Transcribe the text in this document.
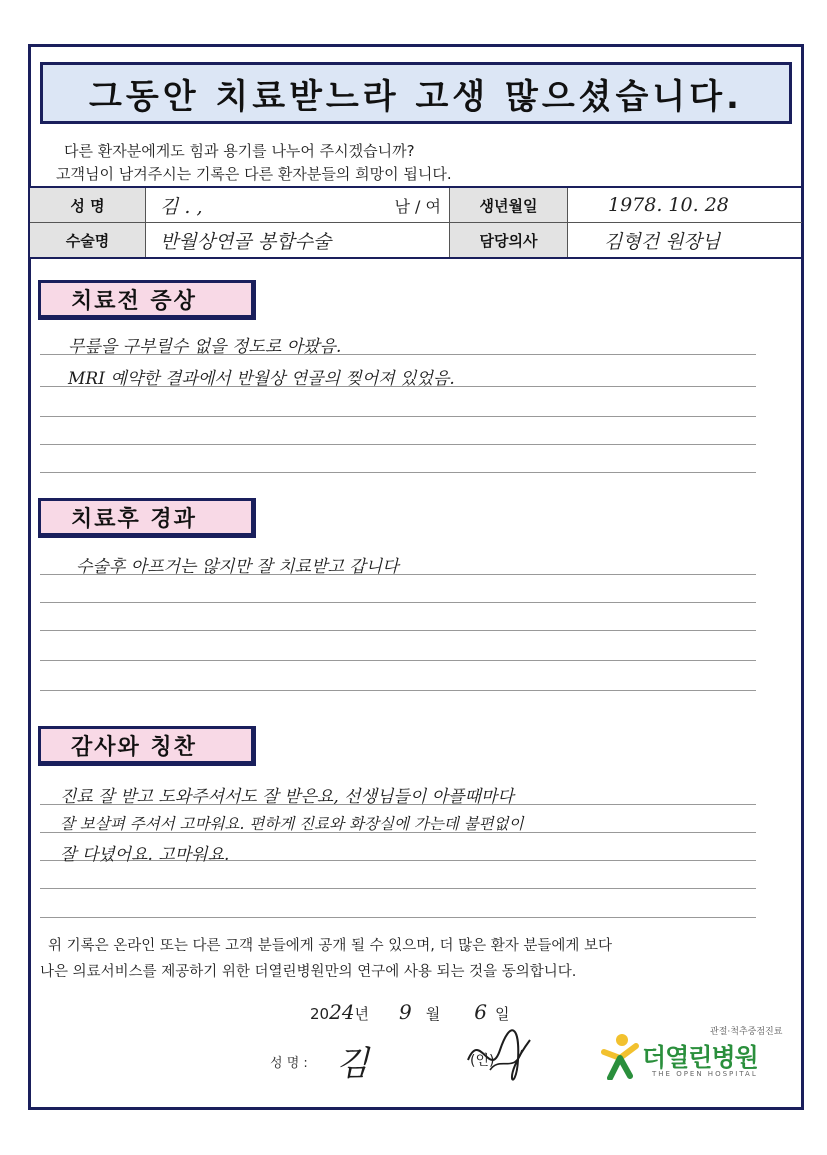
그동안 치료받느라 고생 많으셨습니다.
다른 환자분에게도 힘과 용기를 나누어 주시겠습니까?
고객님이 남겨주시는 기록은 다른 환자분들의 희망이 됩니다.
성 명	김 . ,	남 / 여	생년월일	1978. 10. 28
수술명	반월상연골 봉합수술	담당의사	김형건 원장님
치료전 증상
무릎을 구부릴수 없을 정도로 아팠음.
MRI 예약한 결과에서 반월상 연골의 찢어져 있었음.
치료후 경과
수술후 아프거는 않지만 잘 치료받고 갑니다
감사와 칭찬
진료 잘 받고 도와주셔서도 잘 받은요, 선생님들이 아플때마다
잘 보살펴 주셔서 고마워요. 편하게 진료와 화장실에 가는데 불편없이
잘 다녔어요. 고마워요.
위 기록은 온라인 또는 다른 고객 분들에게 공개 될 수 있으며, 더 많은 환자 분들에게 보다
나은 의료서비스를 제공하기 위한 더열린병원만의 연구에 사용 되는 것을 동의합니다.
20 24 년 9 월 6 일
성 명 : 김	(인)
관절·척추중점진료
더열린병원
THE OPEN HOSPITAL
